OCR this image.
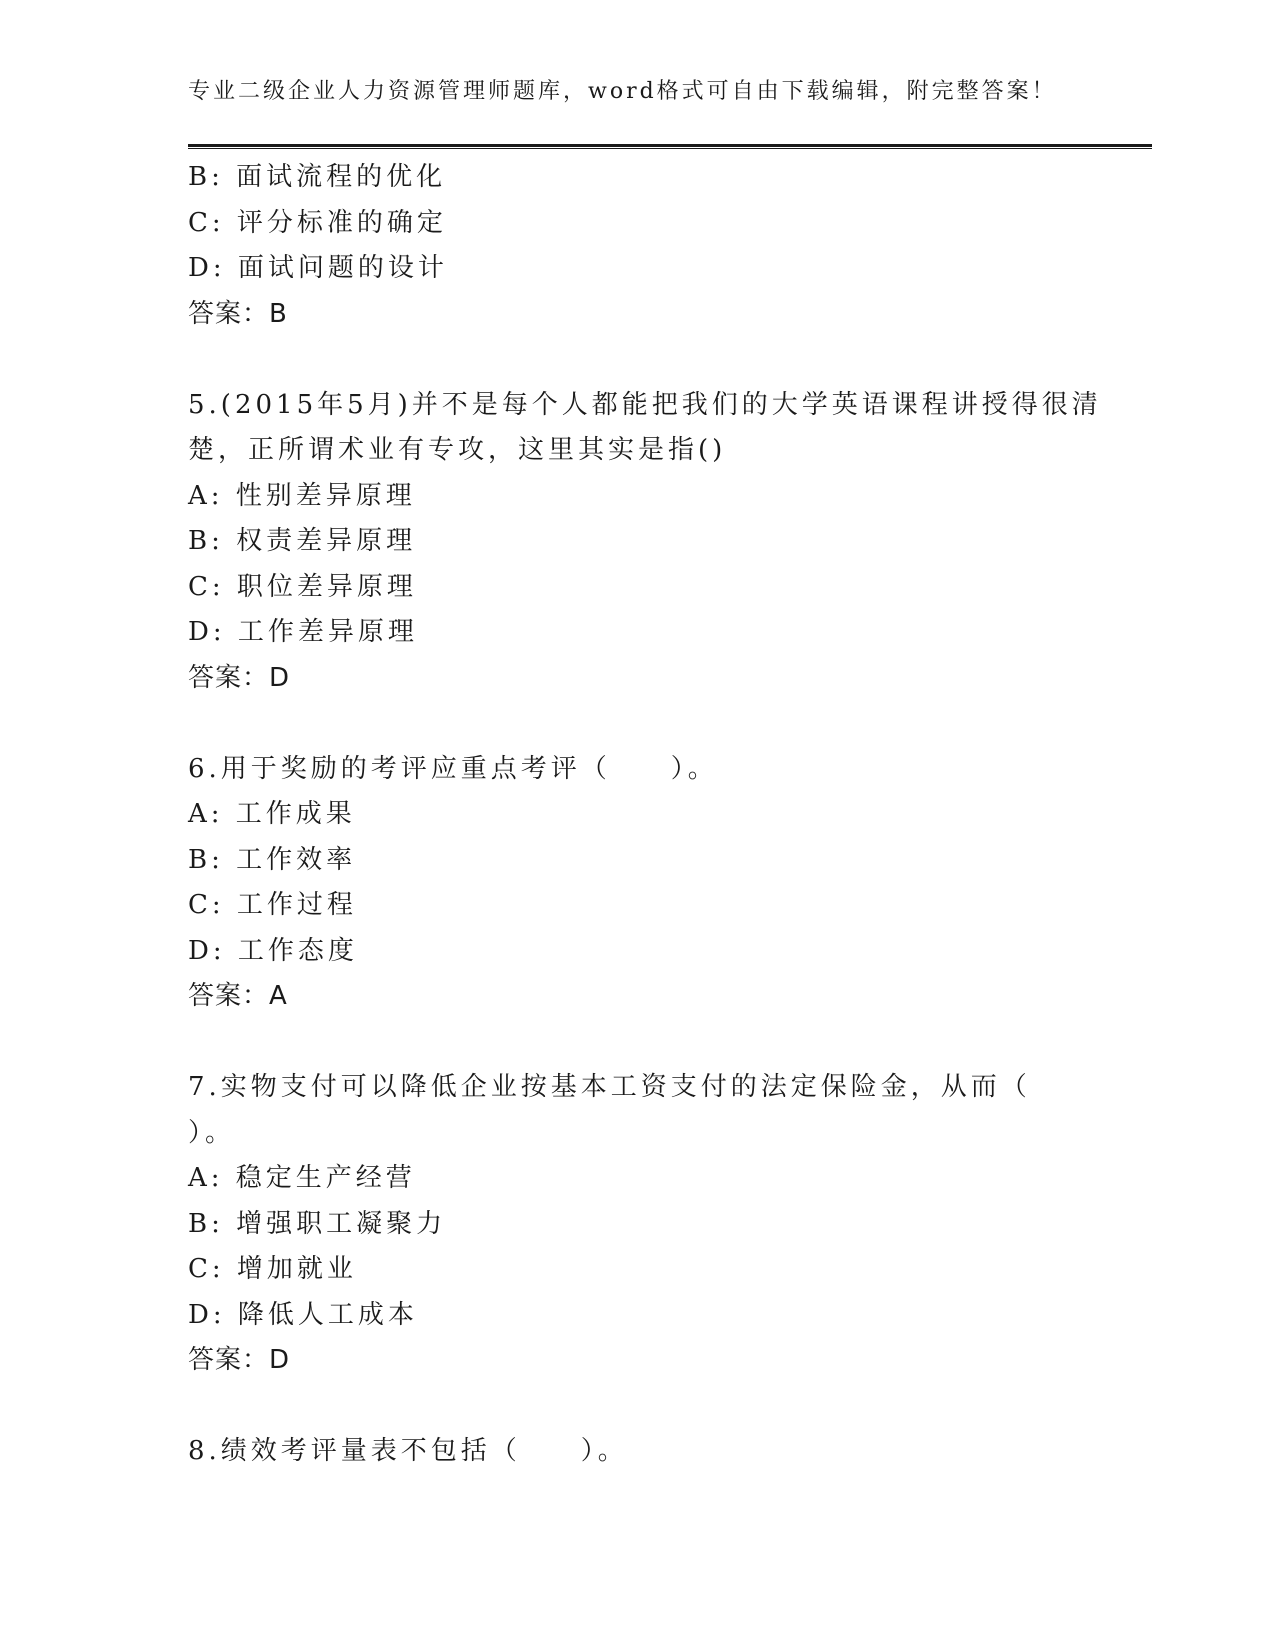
专业二级企业人力资源管理师题库，word格式可自由下载编辑，附完整答案！
B: 面试流程的优化
C: 评分标准的确定
D: 面试问题的设计
答案：B
5.(2015年5月)并不是每个人都能把我们的大学英语课程讲授得很清
楚，正所谓术业有专攻，这里其实是指()
A: 性别差异原理
B: 权责差异原理
C: 职位差异原理
D: 工作差异原理
答案：D
6.用于奖励的考评应重点考评（　　）。
A: 工作成果
B: 工作效率
C: 工作过程
D: 工作态度
答案：A
7.实物支付可以降低企业按基本工资支付的法定保险金，从而（
）。
A: 稳定生产经营
B: 增强职工凝聚力
C: 增加就业
D: 降低人工成本
答案：D
8.绩效考评量表不包括（　　）。
